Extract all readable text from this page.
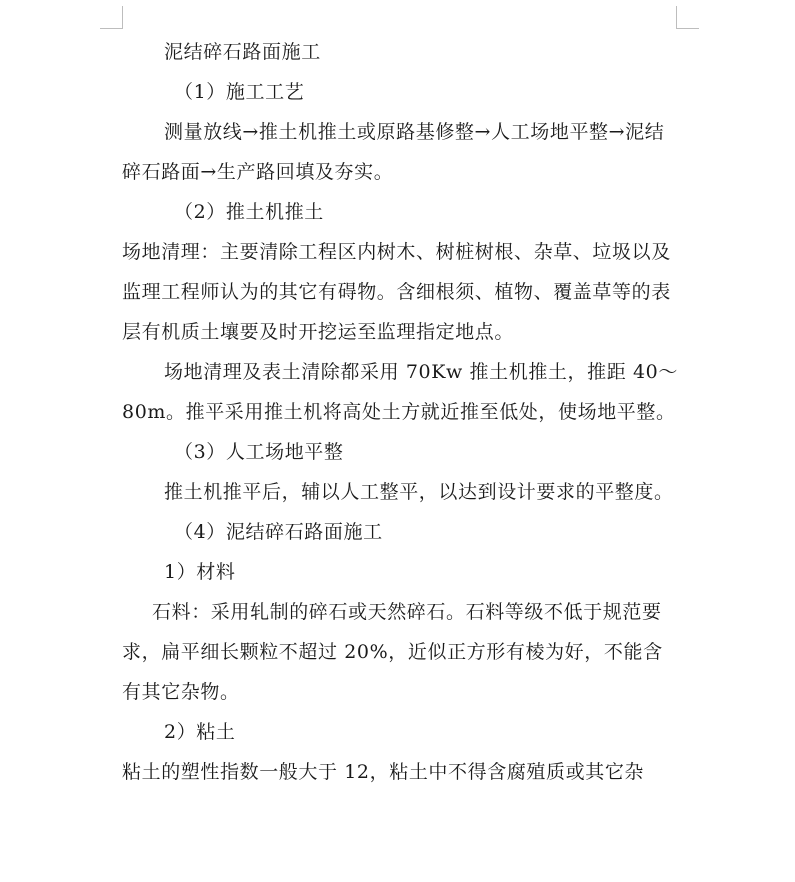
泥结碎石路面施工

（1）施工工艺

测量放线→推土机推土或原路基修整→人工场地平整→泥结碎石路面→生产路回填及夯实。

（2）推土机推土

场地清理：主要清除工程区内树木、树桩树根、杂草、垃圾以及监理工程师认为的其它有碍物。含细根须、植物、覆盖草等的表层有机质土壤要及时开挖运至监理指定地点。

场地清理及表土清除都采用 70Kw 推土机推土，推距 40～80m。推平采用推土机将高处土方就近推至低处，使场地平整。

（3）人工场地平整

推土机推平后，辅以人工整平，以达到设计要求的平整度。

（4）泥结碎石路面施工

1）材料

石料：采用轧制的碎石或天然碎石。石料等级不低于规范要求，扁平细长颗粒不超过 20%，近似正方形有棱为好，不能含有其它杂物。

2）粘土

粘土的塑性指数一般大于 12，粘土中不得含腐殖质或其它杂
